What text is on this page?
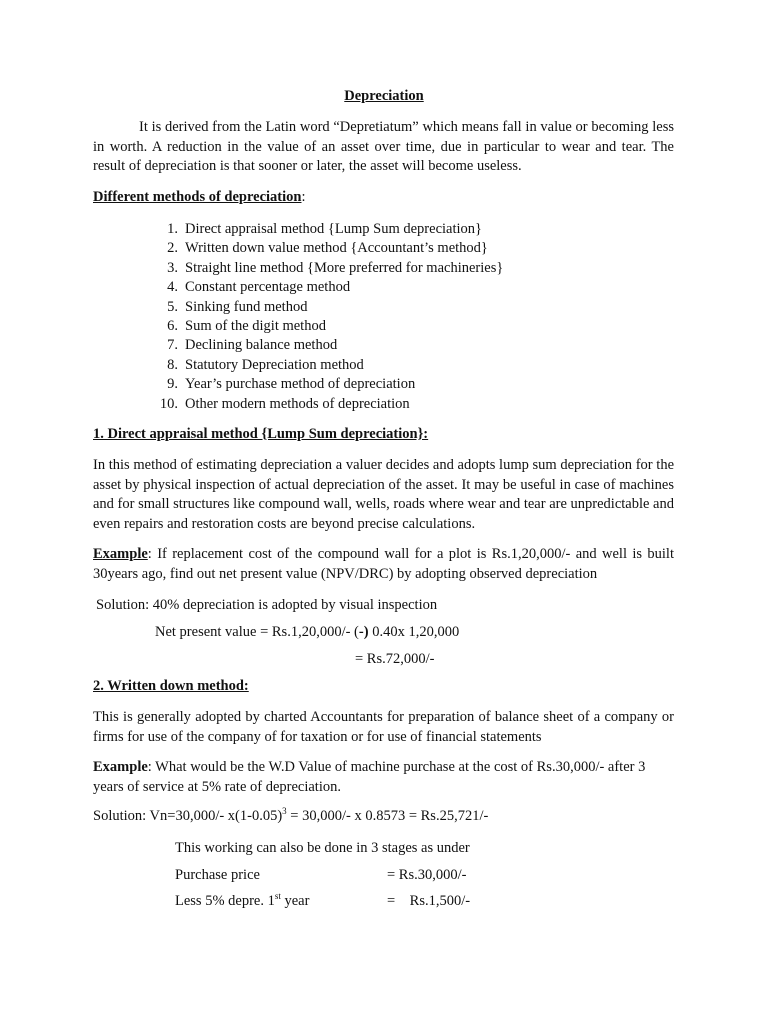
Depreciation

It is derived from the Latin word “Depretiatum” which means fall in value or becoming less in worth. A reduction in the value of an asset over time, due in particular to wear and tear. The result of depreciation is that sooner or later, the asset will become useless.

Different methods of depreciation:
1. Direct appraisal method {Lump Sum depreciation}
2. Written down value method {Accountant’s method}
3. Straight line method {More preferred for machineries}
4. Constant percentage method
5. Sinking fund method
6. Sum of the digit method
7. Declining balance method
8. Statutory Depreciation method
9. Year’s purchase method of depreciation
10. Other modern methods of depreciation
1. Direct appraisal method {Lump Sum depreciation}:

In this method of estimating depreciation a valuer decides and adopts lump sum depreciation for the asset by physical inspection of actual depreciation of the asset. It may be useful in case of machines and for small structures like compound wall, wells, roads where wear and tear are unpredictable and even repairs and restoration costs are beyond precise calculations.

Example: If replacement cost of the compound wall for a plot is Rs.1,20,000/- and well is built 30years ago, find out net present value (NPV/DRC) by adopting observed depreciation

Solution: 40% depreciation is adopted by visual inspection
Net present value = Rs.1,20,000/- (-) 0.40x 1,20,000
= Rs.72,000/-
2. Written down method:

This is generally adopted by charted Accountants for preparation of balance sheet of a company or firms for use of the company of for taxation or for use of financial statements

Example: What would be the W.D Value of machine purchase at the cost of Rs.30,000/- after 3 years of service at 5% rate of depreciation.

Solution: Vn=30,000/- $x(1-0.05)^3 = 30,000/-$ x 0.8573 = Rs.25,721/-
This working can also be done in 3 stages as under
Purchase price	= Rs.30,000/-
Less 5% depre. 1st year	=    Rs.1,500/-
